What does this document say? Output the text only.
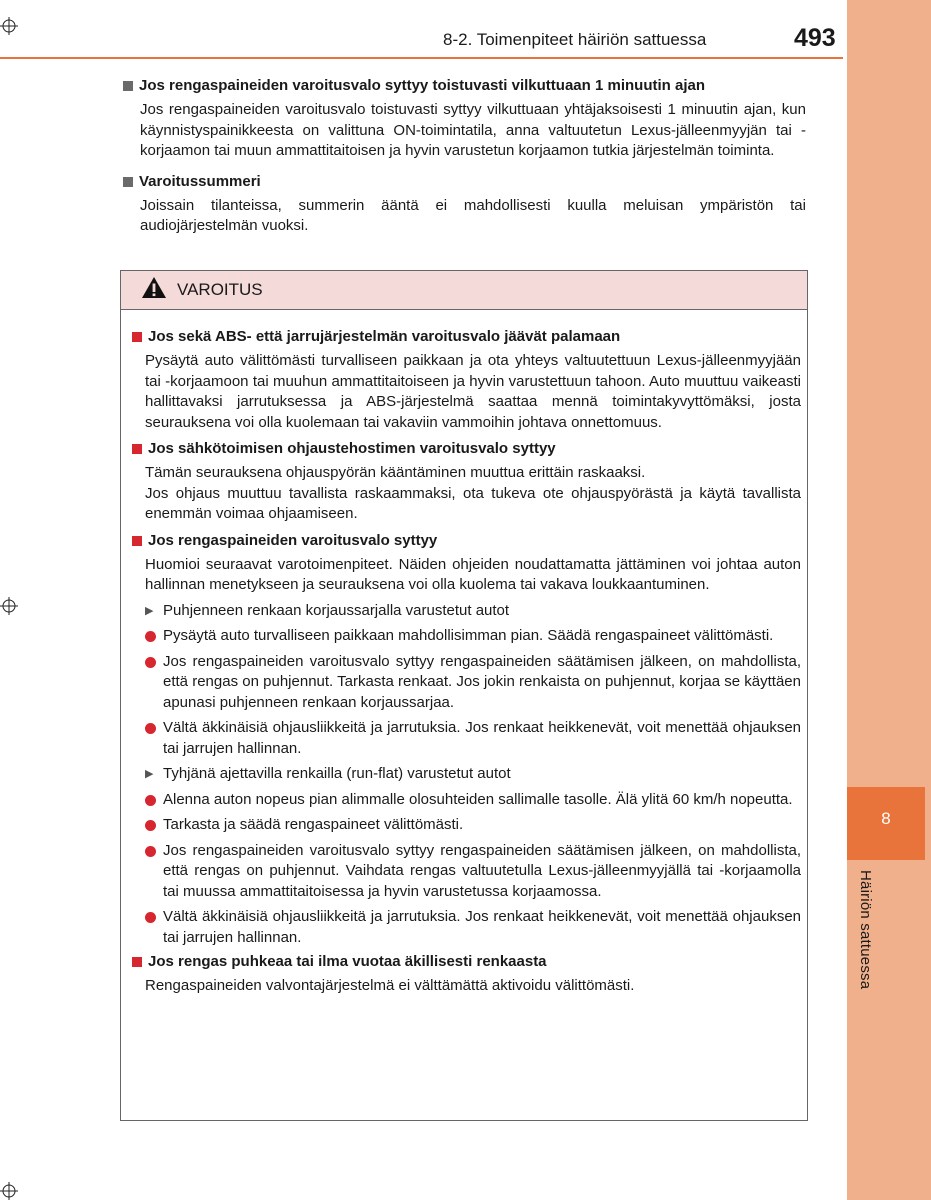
8
Häiriön sattuessa
8-2. Toimenpiteet häiriön sattuessa	493
Jos rengaspaineiden varoitusvalo syttyy toistuvasti vilkuttuaan 1 minuutin ajan
Jos rengaspaineiden varoitusvalo toistuvasti syttyy vilkuttuaan yhtäjaksoisesti 1 minuutin ajan, kun käynnistyspainikkeesta on valittuna ON-toimintatila, anna valtuutetun Lexus-jälleenmyyjän tai -korjaamon tai muun ammattitaitoisen ja hyvin varustetun korjaamon tutkia järjestelmän toiminta.
Varoitussummeri
Joissain tilanteissa, summerin ääntä ei mahdollisesti kuulla meluisan ympäristön tai audiojärjestelmän vuoksi.
VAROITUS
Jos sekä ABS- että jarrujärjestelmän varoitusvalo jäävät palamaan
Pysäytä auto välittömästi turvalliseen paikkaan ja ota yhteys valtuutettuun Lexus-jälleenmyyjään tai -korjaamoon tai muuhun ammattitaitoiseen ja hyvin varustettuun tahoon. Auto muuttuu vaikeasti hallittavaksi jarrutuksessa ja ABS-järjestelmä saattaa mennä toimintakyvyttömäksi, josta seurauksena voi olla kuolemaan tai vakaviin vammoihin johtava onnettomuus.
Jos sähkötoimisen ohjaustehostimen varoitusvalo syttyy
Tämän seurauksena ohjauspyörän kääntäminen muuttua erittäin raskaaksi.
Jos ohjaus muuttuu tavallista raskaammaksi, ota tukeva ote ohjauspyörästä ja käytä tavallista enemmän voimaa ohjaamiseen.
Jos rengaspaineiden varoitusvalo syttyy
Huomioi seuraavat varotoimenpiteet. Näiden ohjeiden noudattamatta jättäminen voi johtaa auton hallinnan menetykseen ja seurauksena voi olla kuolema tai vakava loukkaantuminen.
▶ Puhjenneen renkaan korjaussarjalla varustetut autot
Pysäytä auto turvalliseen paikkaan mahdollisimman pian. Säädä rengaspaineet välittömästi.
Jos rengaspaineiden varoitusvalo syttyy rengaspaineiden säätämisen jälkeen, on mahdollista, että rengas on puhjennut. Tarkasta renkaat. Jos jokin renkaista on puhjennut, korjaa se käyttäen apunasi puhjenneen renkaan korjaussarjaa.
Vältä äkkinäisiä ohjausliikkeitä ja jarrutuksia. Jos renkaat heikkenevät, voit menettää ohjauksen tai jarrujen hallinnan.
▶ Tyhjänä ajettavilla renkailla (run-flat) varustetut autot
Alenna auton nopeus pian alimmalle olosuhteiden sallimalle tasolle. Älä ylitä 60 km/h nopeutta.
Tarkasta ja säädä rengaspaineet välittömästi.
Jos rengaspaineiden varoitusvalo syttyy rengaspaineiden säätämisen jälkeen, on mahdollista, että rengas on puhjennut. Vaihdata rengas valtuutetulla Lexus-jälleenmyyjällä tai -korjaamolla tai muussa ammattitaitoisessa ja hyvin varustetussa korjaamossa.
Vältä äkkinäisiä ohjausliikkeitä ja jarrutuksia. Jos renkaat heikkenevät, voit menettää ohjauksen tai jarrujen hallinnan.
Jos rengas puhkeaa tai ilma vuotaa äkillisesti renkaasta
Rengaspaineiden valvontajärjestelmä ei välttämättä aktivoidu välittömästi.
